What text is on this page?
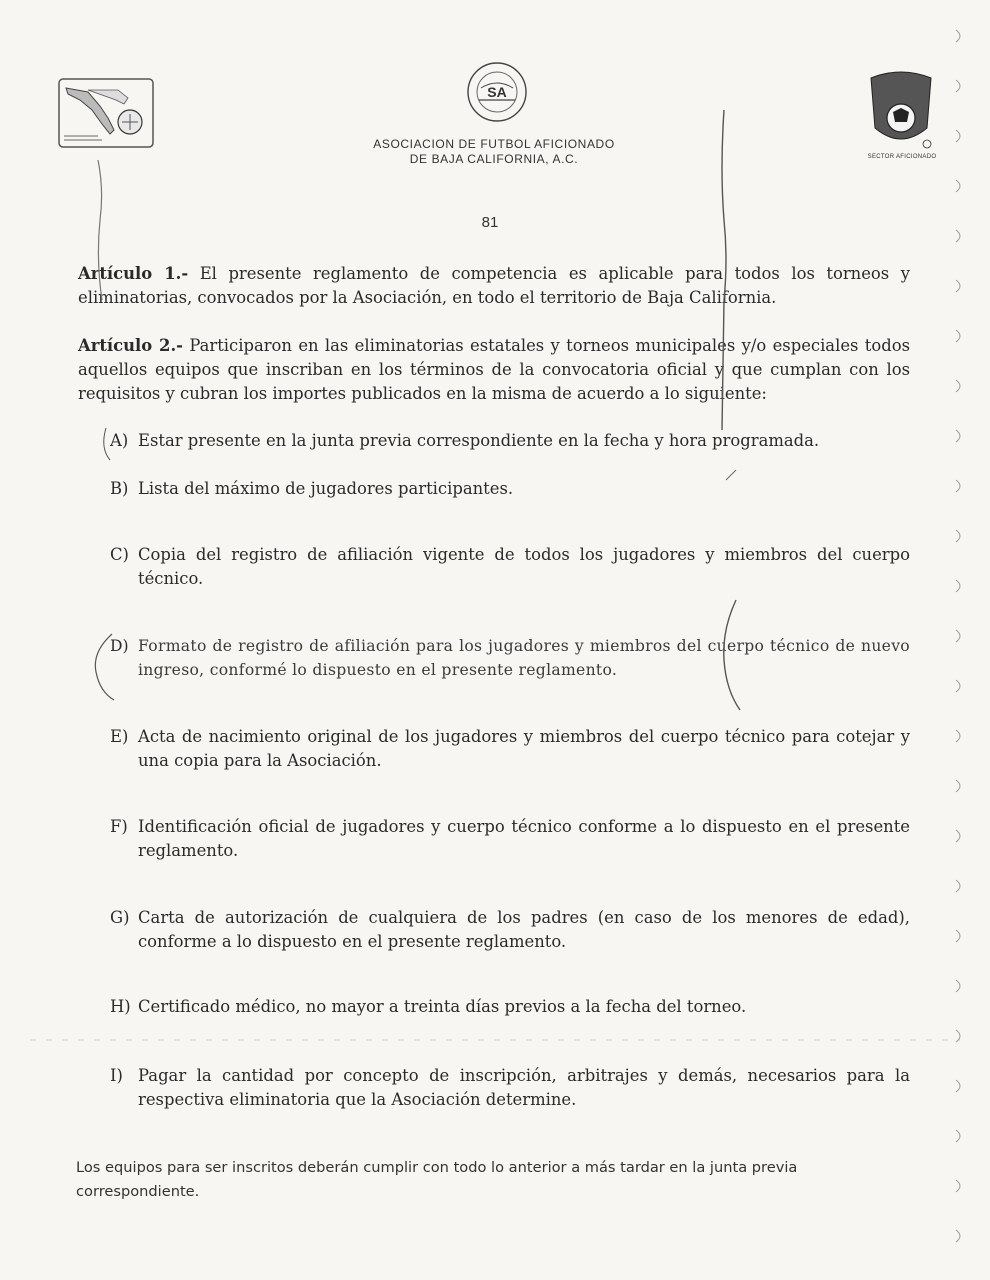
SA
SECTOR AFICIONADO
ASOCIACION DE FUTBOL AFICIONADO
DE BAJA CALIFORNIA, A.C.
81
Artículo 1.- El presente reglamento de competencia es aplicable para todos los torneos y eliminatorias, convocados por la Asociación, en todo el territorio de Baja California.
Artículo 2.- Participaron en las eliminatorias estatales y torneos municipales y/o especiales todos aquellos equipos que inscriban en los términos de la convocatoria oficial y que cumplan con los requisitos y cubran los importes publicados en la misma de acuerdo a lo siguiente:
A) Estar presente en la junta previa correspondiente en la fecha y hora programada.
B) Lista del máximo de jugadores participantes.
C) Copia del registro de afiliación vigente de todos los jugadores y miembros del cuerpo técnico.
D) Formato de registro de afiliación para los jugadores y miembros del cuerpo técnico de nuevo ingreso, conformé lo dispuesto en el presente reglamento.
E) Acta de nacimiento original de los jugadores y miembros del cuerpo técnico para cotejar y una copia para la Asociación.
F) Identificación oficial de jugadores y cuerpo técnico conforme a lo dispuesto en el presente reglamento.
G) Carta de autorización de cualquiera de los padres (en caso de los menores de edad), conforme a lo dispuesto en el presente reglamento.
H) Certificado médico, no mayor a treinta días previos a la fecha del torneo.
I) Pagar la cantidad por concepto de inscripción, arbitrajes y demás, necesarios para la respectiva eliminatoria que la Asociación determine.
Los equipos para ser inscritos deberán cumplir con todo lo anterior a más tardar en la junta previa correspondiente.
